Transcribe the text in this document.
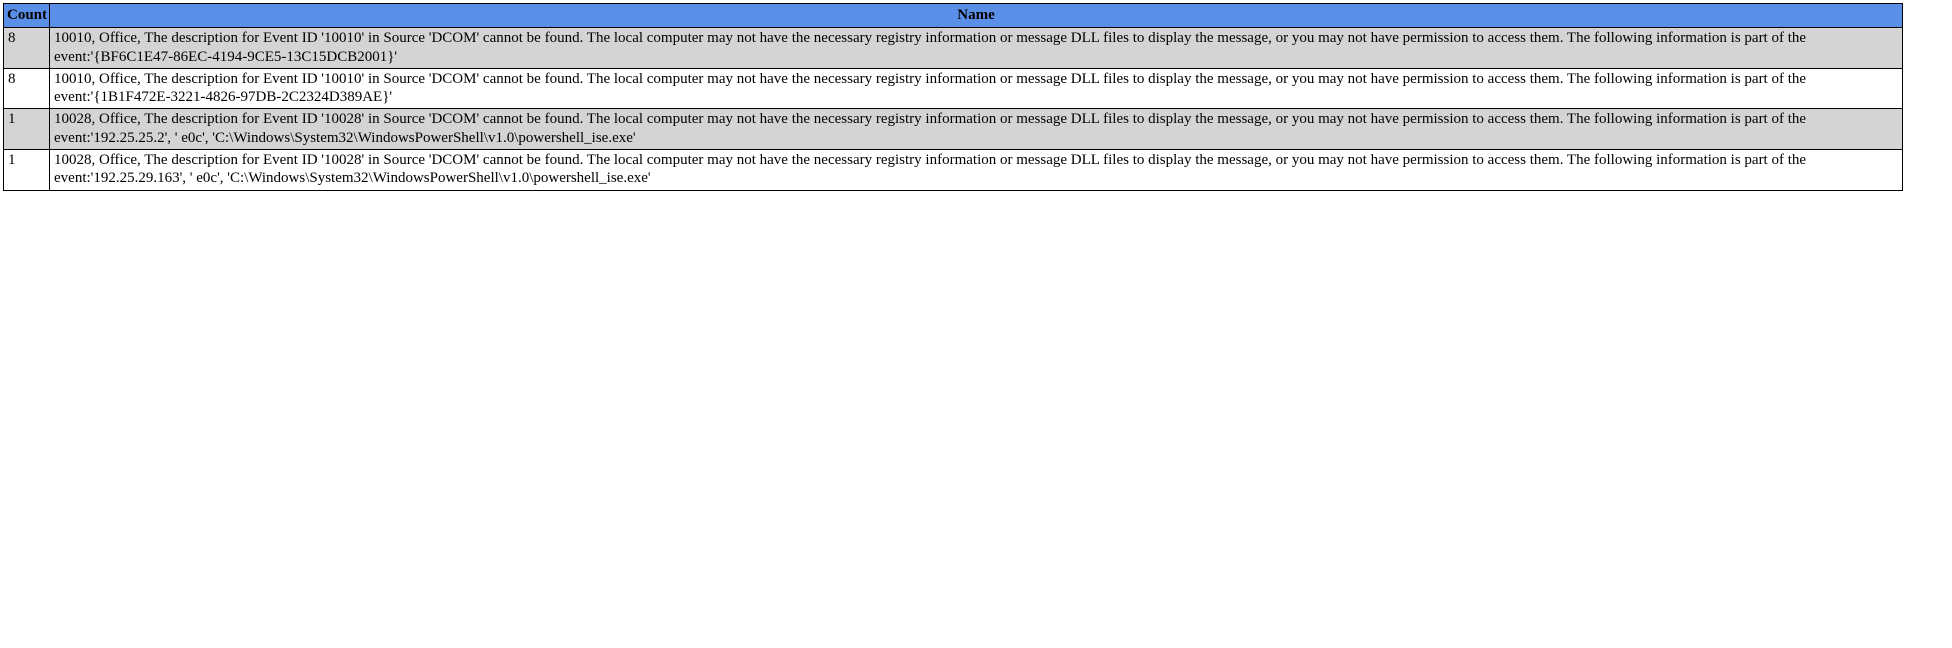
Count	Name
8	10010, Office, The description for Event ID '10010' in Source 'DCOM' cannot be found. The local computer may not have the necessary registry information or message DLL files to display the message, or you may not have permission to access them. The following information is part of the event:'{BF6C1E47-86EC-4194-9CE5-13C15DCB2001}'
8	10010, Office, The description for Event ID '10010' in Source 'DCOM' cannot be found. The local computer may not have the necessary registry information or message DLL files to display the message, or you may not have permission to access them. The following information is part of the event:'{1B1F472E-3221-4826-97DB-2C2324D389AE}'
1	10028, Office, The description for Event ID '10028' in Source 'DCOM' cannot be found. The local computer may not have the necessary registry information or message DLL files to display the message, or you may not have permission to access them. The following information is part of the event:'192.25.25.2', ' e0c', 'C:\Windows\System32\WindowsPowerShell\v1.0\powershell_ise.exe'
1	10028, Office, The description for Event ID '10028' in Source 'DCOM' cannot be found. The local computer may not have the necessary registry information or message DLL files to display the message, or you may not have permission to access them. The following information is part of the event:'192.25.29.163', ' e0c', 'C:\Windows\System32\WindowsPowerShell\v1.0\powershell_ise.exe'
